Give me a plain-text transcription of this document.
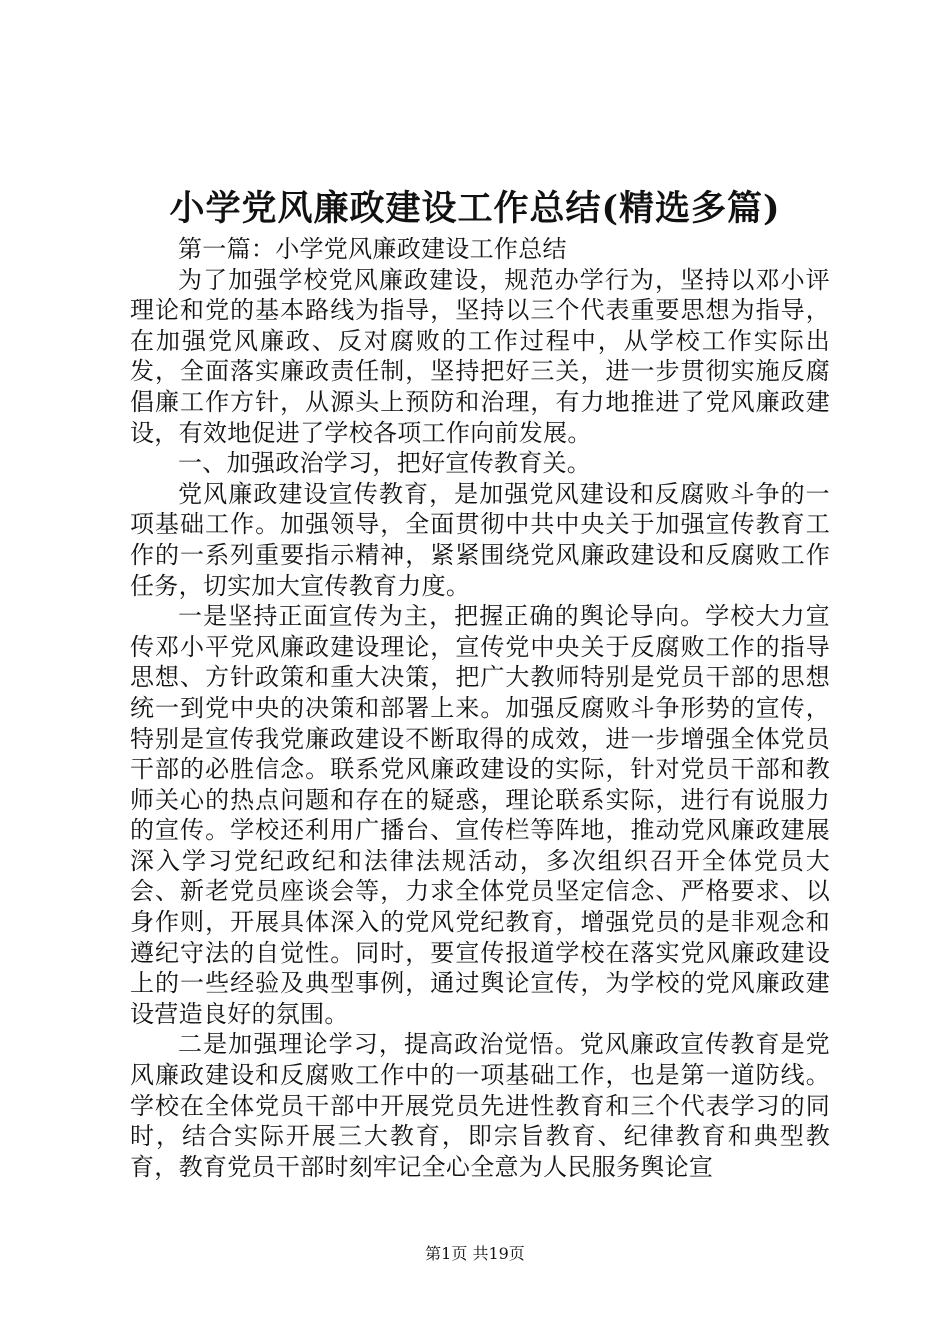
小学党风廉政建设工作总结(精选多篇)

第一篇：小学党风廉政建设工作总结

为了加强学校党风廉政建设，规范办学行为，坚持以邓小评理论和党的基本路线为指导，坚持以三个代表重要思想为指导，在加强党风廉政、反对腐败的工作过程中，从学校工作实际出发，全面落实廉政责任制，坚持把好三关，进一步贯彻实施反腐倡廉工作方针，从源头上预防和治理，有力地推进了党风廉政建设，有效地促进了学校各项工作向前发展。

一、加强政治学习，把好宣传教育关。

党风廉政建设宣传教育，是加强党风建设和反腐败斗争的一项基础工作。加强领导，全面贯彻中共中央关于加强宣传教育工作的一系列重要指示精神，紧紧围绕党风廉政建设和反腐败工作任务，切实加大宣传教育力度。

一是坚持正面宣传为主，把握正确的舆论导向。学校大力宣传邓小平党风廉政建设理论，宣传党中央关于反腐败工作的指导思想、方针政策和重大决策，把广大教师特别是党员干部的思想统一到党中央的决策和部署上来。加强反腐败斗争形势的宣传，特别是宣传我党廉政建设不断取得的成效，进一步增强全体党员干部的必胜信念。联系党风廉政建设的实际，针对党员干部和教师关心的热点问题和存在的疑惑，理论联系实际，进行有说服力的宣传。学校还利用广播台、宣传栏等阵地，推动党风廉政建展深入学习党纪政纪和法律法规活动，多次组织召开全体党员大会、新老党员座谈会等，力求全体党员坚定信念、严格要求、以身作则，开展具体深入的党风党纪教育，增强党员的是非观念和遵纪守法的自觉性。同时，要宣传报道学校在落实党风廉政建设上的一些经验及典型事例，通过舆论宣传，为学校的党风廉政建设营造良好的氛围。

二是加强理论学习，提高政治觉悟。党风廉政宣传教育是党风廉政建设和反腐败工作中的一项基础工作，也是第一道防线。学校在全体党员干部中开展党员先进性教育和三个代表学习的同时，结合实际开展三大教育，即宗旨教育、纪律教育和典型教育，教育党员干部时刻牢记全心全意为人民服务舆论宣

第1页 共19页
